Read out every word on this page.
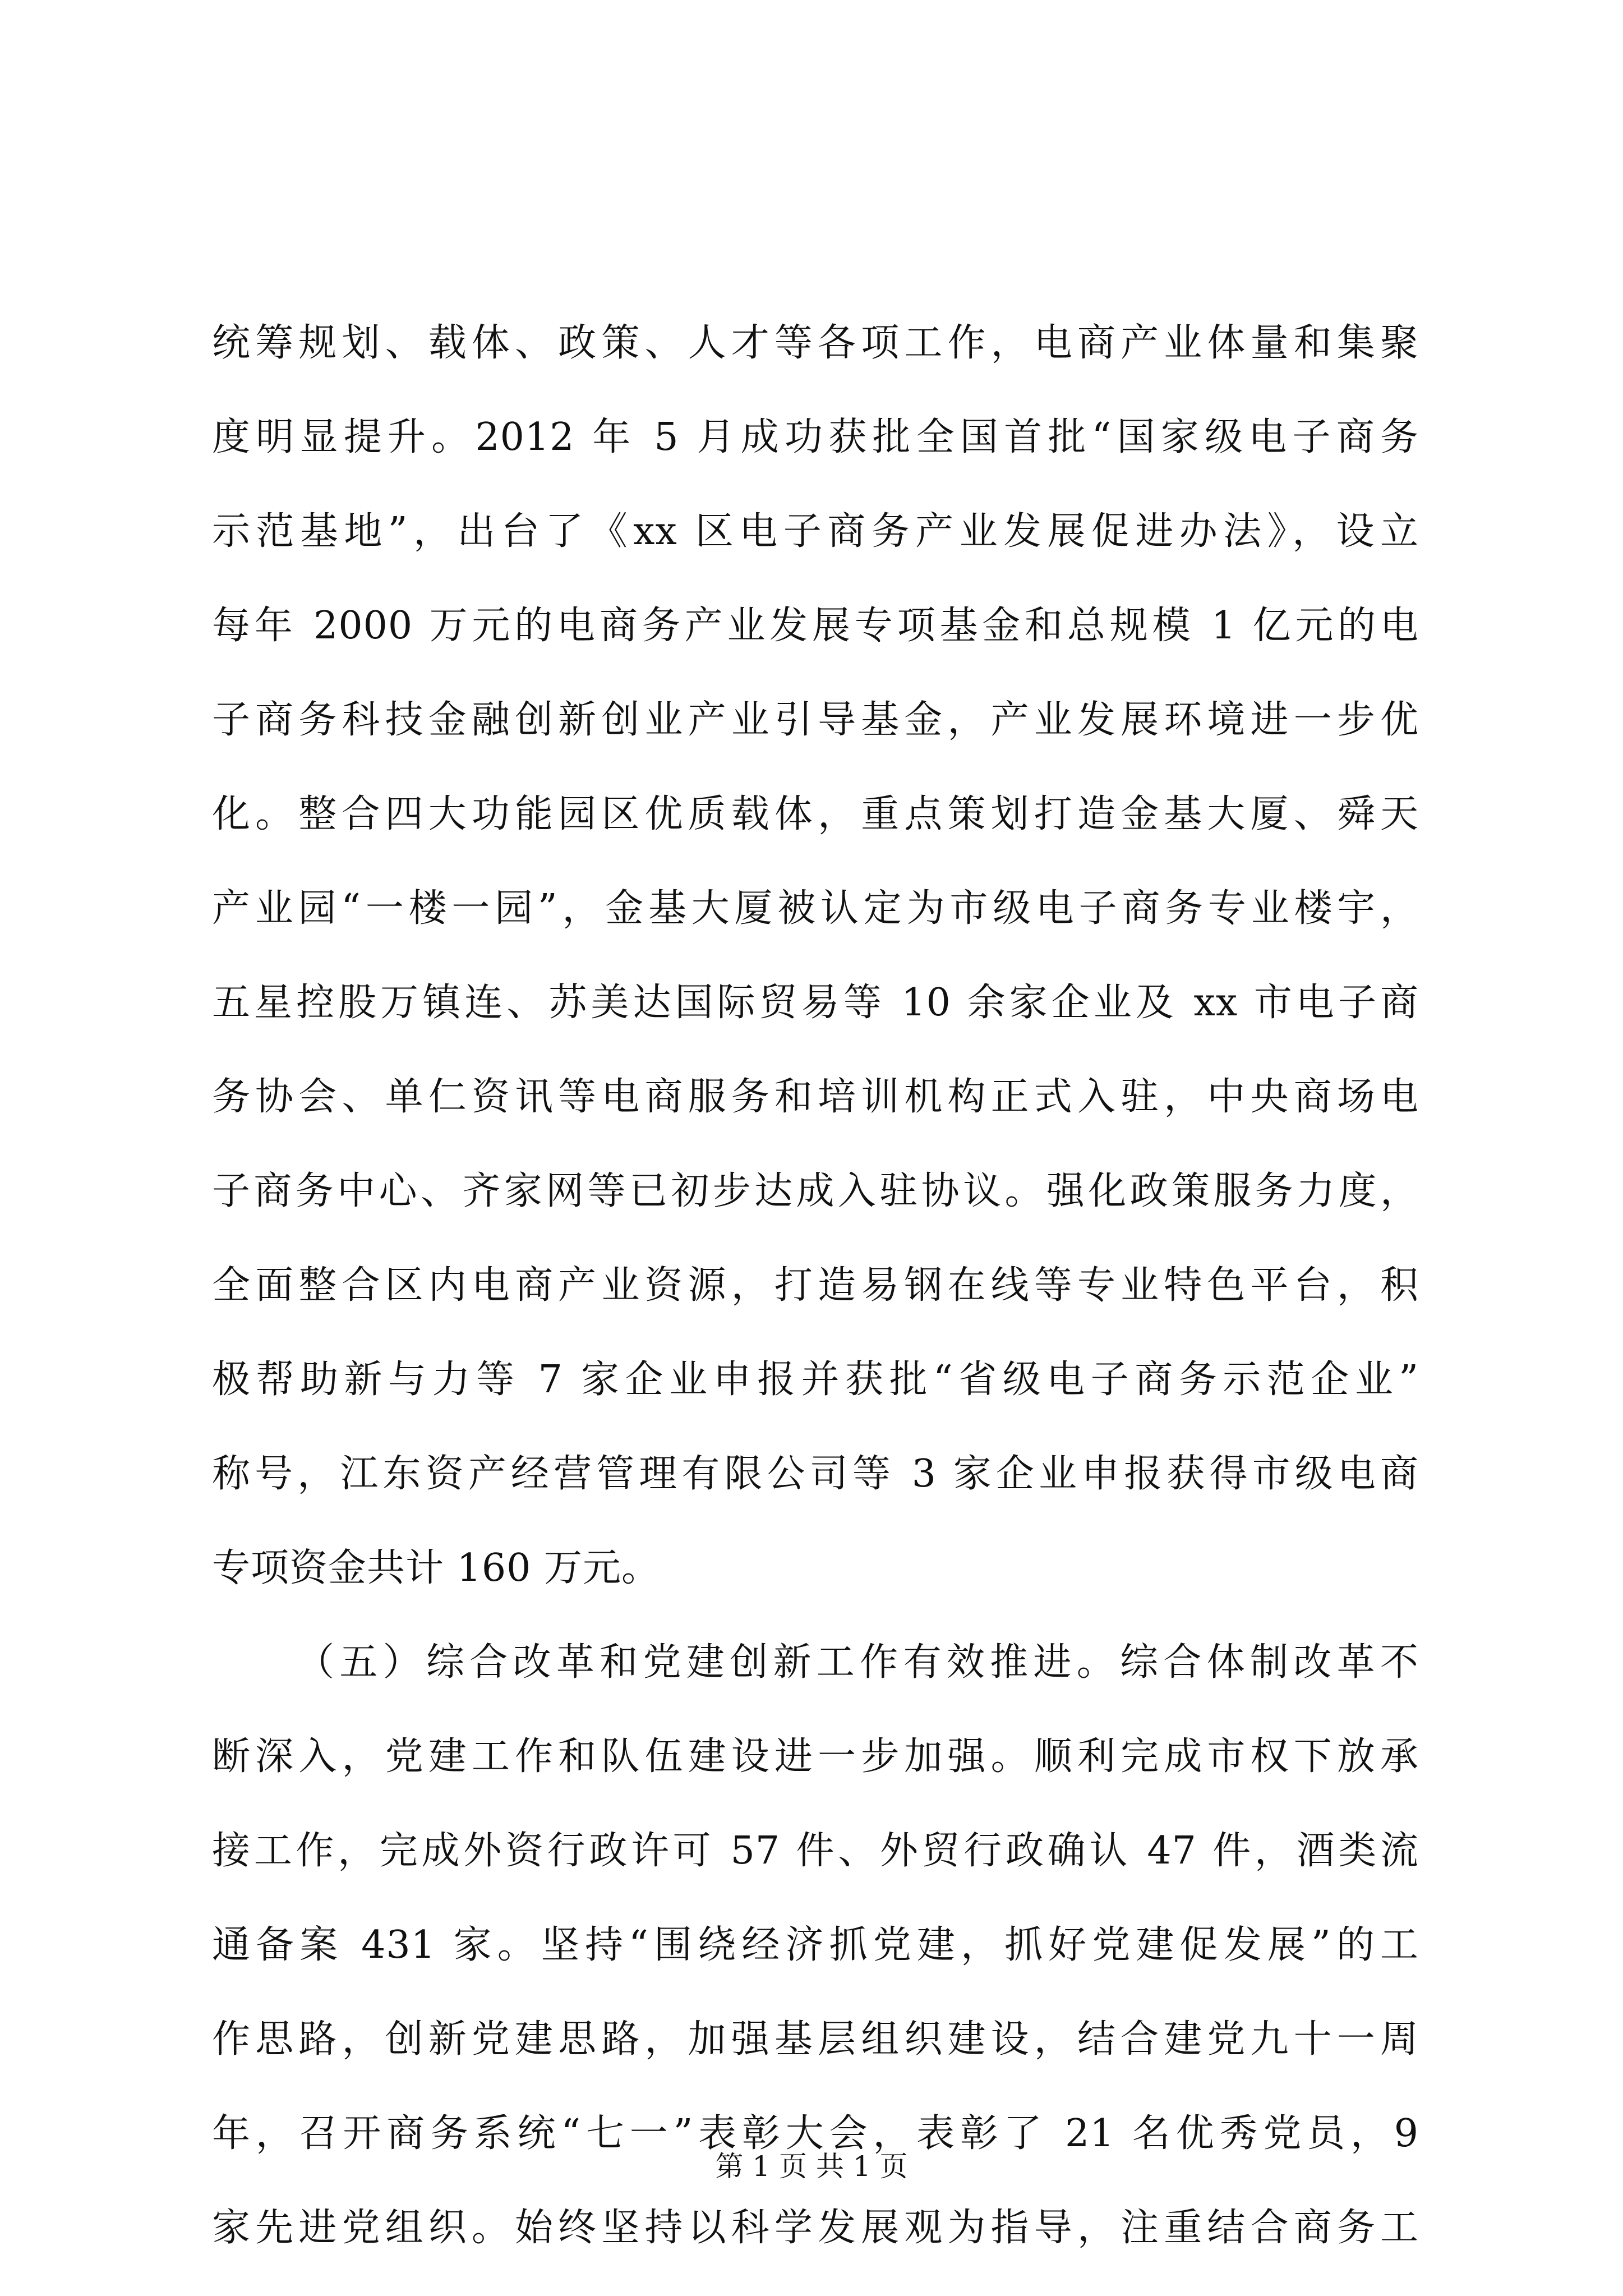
统筹规划、载体、政策、人才等各项工作，电商产业体量和集聚
度明显提升。2012 年 5 月成功获批全国首批“国家级电子商务
示范基地”，出台了《xx 区电子商务产业发展促进办法》，设立
每年 2000 万元的电商务产业发展专项基金和总规模 1 亿元的电
子商务科技金融创新创业产业引导基金，产业发展环境进一步优
化。整合四大功能园区优质载体，重点策划打造金基大厦、舜天
产业园“一楼一园”，金基大厦被认定为市级电子商务专业楼宇，
五星控股万镇连、苏美达国际贸易等 10 余家企业及 xx 市电子商
务协会、单仁资讯等电商服务和培训机构正式入驻，中央商场电
子商务中心、齐家网等已初步达成入驻协议。强化政策服务力度，
全面整合区内电商产业资源，打造易钢在线等专业特色平台，积
极帮助新与力等 7 家企业申报并获批“省级电子商务示范企业”
称号，江东资产经营管理有限公司等 3 家企业申报获得市级电商
专项资金共计 160 万元。
（五）综合改革和党建创新工作有效推进。综合体制改革不
断深入，党建工作和队伍建设进一步加强。顺利完成市权下放承
接工作，完成外资行政许可 57 件、外贸行政确认 47 件，酒类流
通备案 431 家。坚持“围绕经济抓党建，抓好党建促发展”的工
作思路，创新党建思路，加强基层组织建设，结合建党九十一周
年，召开商务系统“七一”表彰大会，表彰了 21 名优秀党员，9
家先进党组织。始终坚持以科学发展观为指导，注重结合商务工
第 1 页 共 1 页
